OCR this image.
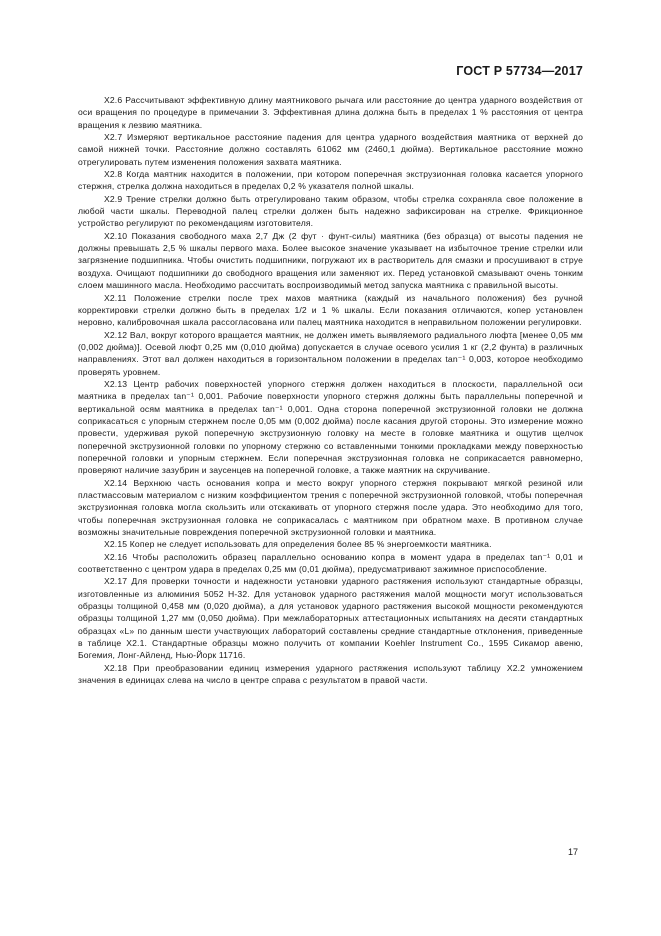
ГОСТ Р 57734—2017

X2.6 Рассчитывают эффективную длину маятникового рычага или расстояние до центра ударного воздействия от оси вращения по процедуре в примечании 3. Эффективная длина должна быть в пределах 1 % расстояния от центра вращения к лезвию маятника.

X2.7 Измеряют вертикальное расстояние падения для центра ударного воздействия маятника от верхней до самой нижней точки. Расстояние должно составлять 61062 мм (2460,1 дюйма). Вертикальное расстояние можно отрегулировать путем изменения положения захвата маятника.

X2.8 Когда маятник находится в положении, при котором поперечная экструзионная головка касается упорного стержня, стрелка должна находиться в пределах 0,2 % указателя полной шкалы.

X2.9 Трение стрелки должно быть отрегулировано таким образом, чтобы стрелка сохраняла свое положение в любой части шкалы. Переводной палец стрелки должен быть надежно зафиксирован на стрелке. Фрикционное устройство регулируют по рекомендациям изготовителя.

X2.10 Показания свободного маха 2,7 Дж (2 фут · фунт-силы) маятника (без образца) от высоты падения не должны превышать 2,5 % шкалы первого маха. Более высокое значение указывает на избыточное трение стрелки или загрязнение подшипника. Чтобы очистить подшипники, погружают их в растворитель для смазки и просушивают в струе воздуха. Очищают подшипники до свободного вращения или заменяют их. Перед установкой смазывают очень тонким слоем машинного масла. Необходимо рассчитать воспроизводимый метод запуска маятника с правильной высоты.

X2.11 Положение стрелки после трех махов маятника (каждый из начального положения) без ручной корректировки стрелки должно быть в пределах 1/2 и 1 % шкалы. Если показания отличаются, копер установлен неровно, калибровочная шкала рассогласована или палец маятника находится в неправильном положении регулировки.

X2.12 Вал, вокруг которого вращается маятник, не должен иметь выявляемого радиального люфта [менее 0,05 мм (0,002 дюйма)]. Осевой люфт 0,25 мм (0,010 дюйма) допускается в случае осевого усилия 1 кг (2,2 фунта) в различных направлениях. Этот вал должен находиться в горизонтальном положении в пределах tan⁻¹ 0,003, которое необходимо проверять уровнем.

X2.13 Центр рабочих поверхностей упорного стержня должен находиться в плоскости, параллельной оси маятника в пределах tan⁻¹ 0,001. Рабочие поверхности упорного стержня должны быть параллельны поперечной и вертикальной осям маятника в пределах tan⁻¹ 0,001. Одна сторона поперечной экструзионной головки не должна соприкасаться с упорным стержнем после 0,05 мм (0,002 дюйма) после касания другой стороны. Это измерение можно провести, удерживая рукой поперечную экструзионную головку на месте в головке маятника и ощутив щелчок поперечной экструзионной головки по упорному стержню со вставленными тонкими прокладками между поверхностью поперечной головки и упорным стержнем. Если поперечная экструзионная головка не соприкасается равномерно, проверяют наличие зазубрин и заусенцев на поперечной головке, а также маятник на скручивание.

X2.14 Верхнюю часть основания копра и место вокруг упорного стержня покрывают мягкой резиной или пластмассовым материалом с низким коэффициентом трения с поперечной экструзионной головкой, чтобы поперечная экструзионная головка могла скользить или отскакивать от упорного стержня после удара. Это необходимо для того, чтобы поперечная экструзионная головка не соприкасалась с маятником при обратном махе. В противном случае возможны значительные повреждения поперечной экструзионной головки и маятника.

X2.15 Копер не следует использовать для определения более 85 % энергоемкости маятника.

X2.16 Чтобы расположить образец параллельно основанию копра в момент удара в пределах tan⁻¹ 0,01 и соответственно с центром удара в пределах 0,25 мм (0,01 дюйма), предусматривают зажимное приспособление.

X2.17 Для проверки точности и надежности установки ударного растяжения используют стандартные образцы, изготовленные из алюминия 5052 H-32. Для установок ударного растяжения малой мощности могут использоваться образцы толщиной 0,458 мм (0,020 дюйма), а для установок ударного растяжения высокой мощности рекомендуются образцы толщиной 1,27 мм (0,050 дюйма). При межлабораторных аттестационных испытаниях на десяти стандартных образцах «L» по данным шести участвующих лабораторий составлены средние стандартные отклонения, приведенные в таблице X2.1. Стандартные образцы можно получить от компании Koehler Instrument Co., 1595 Сикамор авеню, Богемия, Лонг-Айленд, Нью-Йорк 11716.

X2.18 При преобразовании единиц измерения ударного растяжения используют таблицу X2.2 умножением значения в единицах слева на число в центре справа с результатом в правой части.

17
